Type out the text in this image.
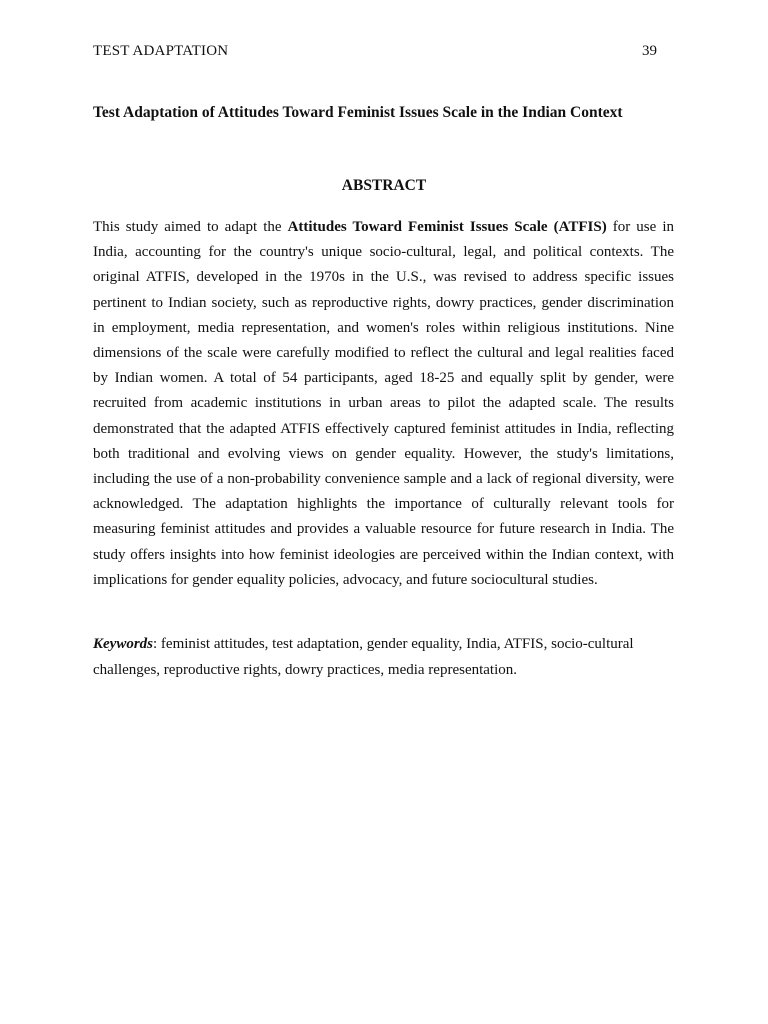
TEST ADAPTATION	39
Test Adaptation of Attitudes Toward Feminist Issues Scale in the Indian Context
ABSTRACT

This study aimed to adapt the Attitudes Toward Feminist Issues Scale (ATFIS) for use in India, accounting for the country's unique socio-cultural, legal, and political contexts. The original ATFIS, developed in the 1970s in the U.S., was revised to address specific issues pertinent to Indian society, such as reproductive rights, dowry practices, gender discrimination in employment, media representation, and women's roles within religious institutions. Nine dimensions of the scale were carefully modified to reflect the cultural and legal realities faced by Indian women. A total of 54 participants, aged 18-25 and equally split by gender, were recruited from academic institutions in urban areas to pilot the adapted scale. The results demonstrated that the adapted ATFIS effectively captured feminist attitudes in India, reflecting both traditional and evolving views on gender equality. However, the study's limitations, including the use of a non-probability convenience sample and a lack of regional diversity, were acknowledged. The adaptation highlights the importance of culturally relevant tools for measuring feminist attitudes and provides a valuable resource for future research in India. The study offers insights into how feminist ideologies are perceived within the Indian context, with implications for gender equality policies, advocacy, and future sociocultural studies.

Keywords: feminist attitudes, test adaptation, gender equality, India, ATFIS, socio-cultural challenges, reproductive rights, dowry practices, media representation.
